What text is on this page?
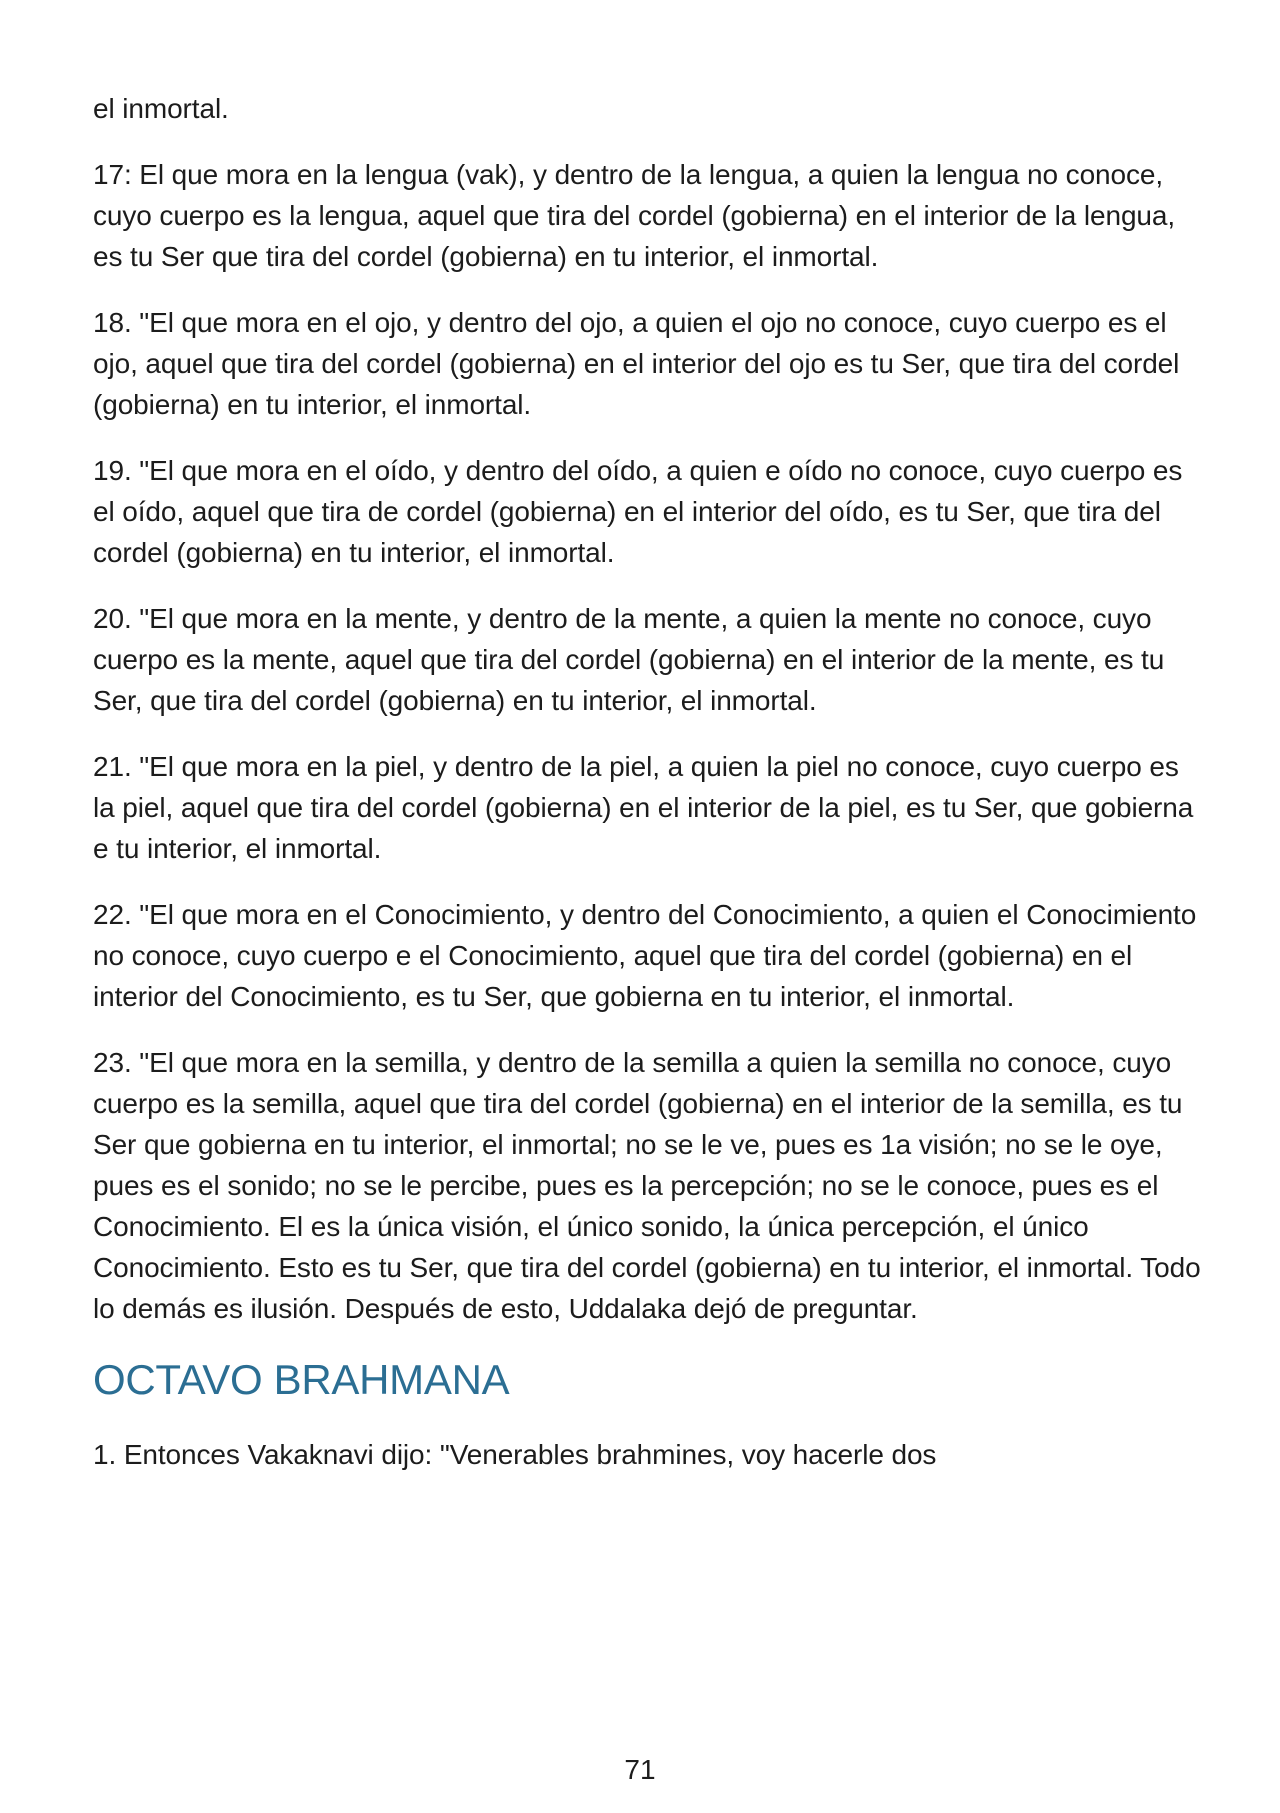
el inmortal.

17: El que mora en la lengua (vak), y dentro de la lengua, a quien la lengua no conoce, cuyo cuerpo es la lengua, aquel que tira del cordel (gobierna) en el interior de la lengua, es tu Ser que tira del cordel (gobierna) en tu interior, el inmortal.

18. "El que mora en el ojo, y dentro del ojo, a quien el ojo no conoce, cuyo cuerpo es el ojo, aquel que tira del cordel (gobierna) en el interior del ojo es tu Ser, que tira del cordel (gobierna) en tu interior, el inmortal.

19. "El que mora en el oído, y dentro del oído, a quien e oído no conoce, cuyo cuerpo es el oído, aquel que tira de cordel (gobierna) en el interior del oído, es tu Ser, que tira del cordel (gobierna) en tu interior, el inmortal.

20. "El que mora en la mente, y dentro de la mente, a quien la mente no conoce, cuyo cuerpo es la mente, aquel que tira del cordel (gobierna) en el interior de la mente, es tu Ser, que tira del cordel (gobierna) en tu interior, el inmortal.

21. "El que mora en la piel, y dentro de la piel, a quien la piel no conoce, cuyo cuerpo es la piel, aquel que tira del cordel (gobierna) en el interior de la piel, es tu Ser, que gobierna e tu interior, el inmortal.

22. "El que mora en el Conocimiento, y dentro del Conocimiento, a quien el Conocimiento no conoce, cuyo cuerpo e el Conocimiento, aquel que tira del cordel (gobierna) en el interior del Conocimiento, es tu Ser, que gobierna en tu interior, el inmortal.

23. "El que mora en la semilla, y dentro de la semilla a quien la semilla no conoce, cuyo cuerpo es la semilla, aquel que tira del cordel (gobierna) en el interior de la semilla, es tu Ser que gobierna en tu interior, el inmortal; no se le ve, pues es 1a visión; no se le oye, pues es el sonido; no se le percibe, pues es la percepción; no se le conoce, pues es el Conocimiento. El es la única visión, el único sonido, la única percepción, el único Conocimiento. Esto es tu Ser, que tira del cordel (gobierna) en tu interior, el inmortal. Todo lo demás es ilusión. Después de esto, Uddalaka dejó de preguntar.

OCTAVO BRAHMANA

1. Entonces Vakaknavi dijo: "Venerables brahmines, voy hacerle dos

71
